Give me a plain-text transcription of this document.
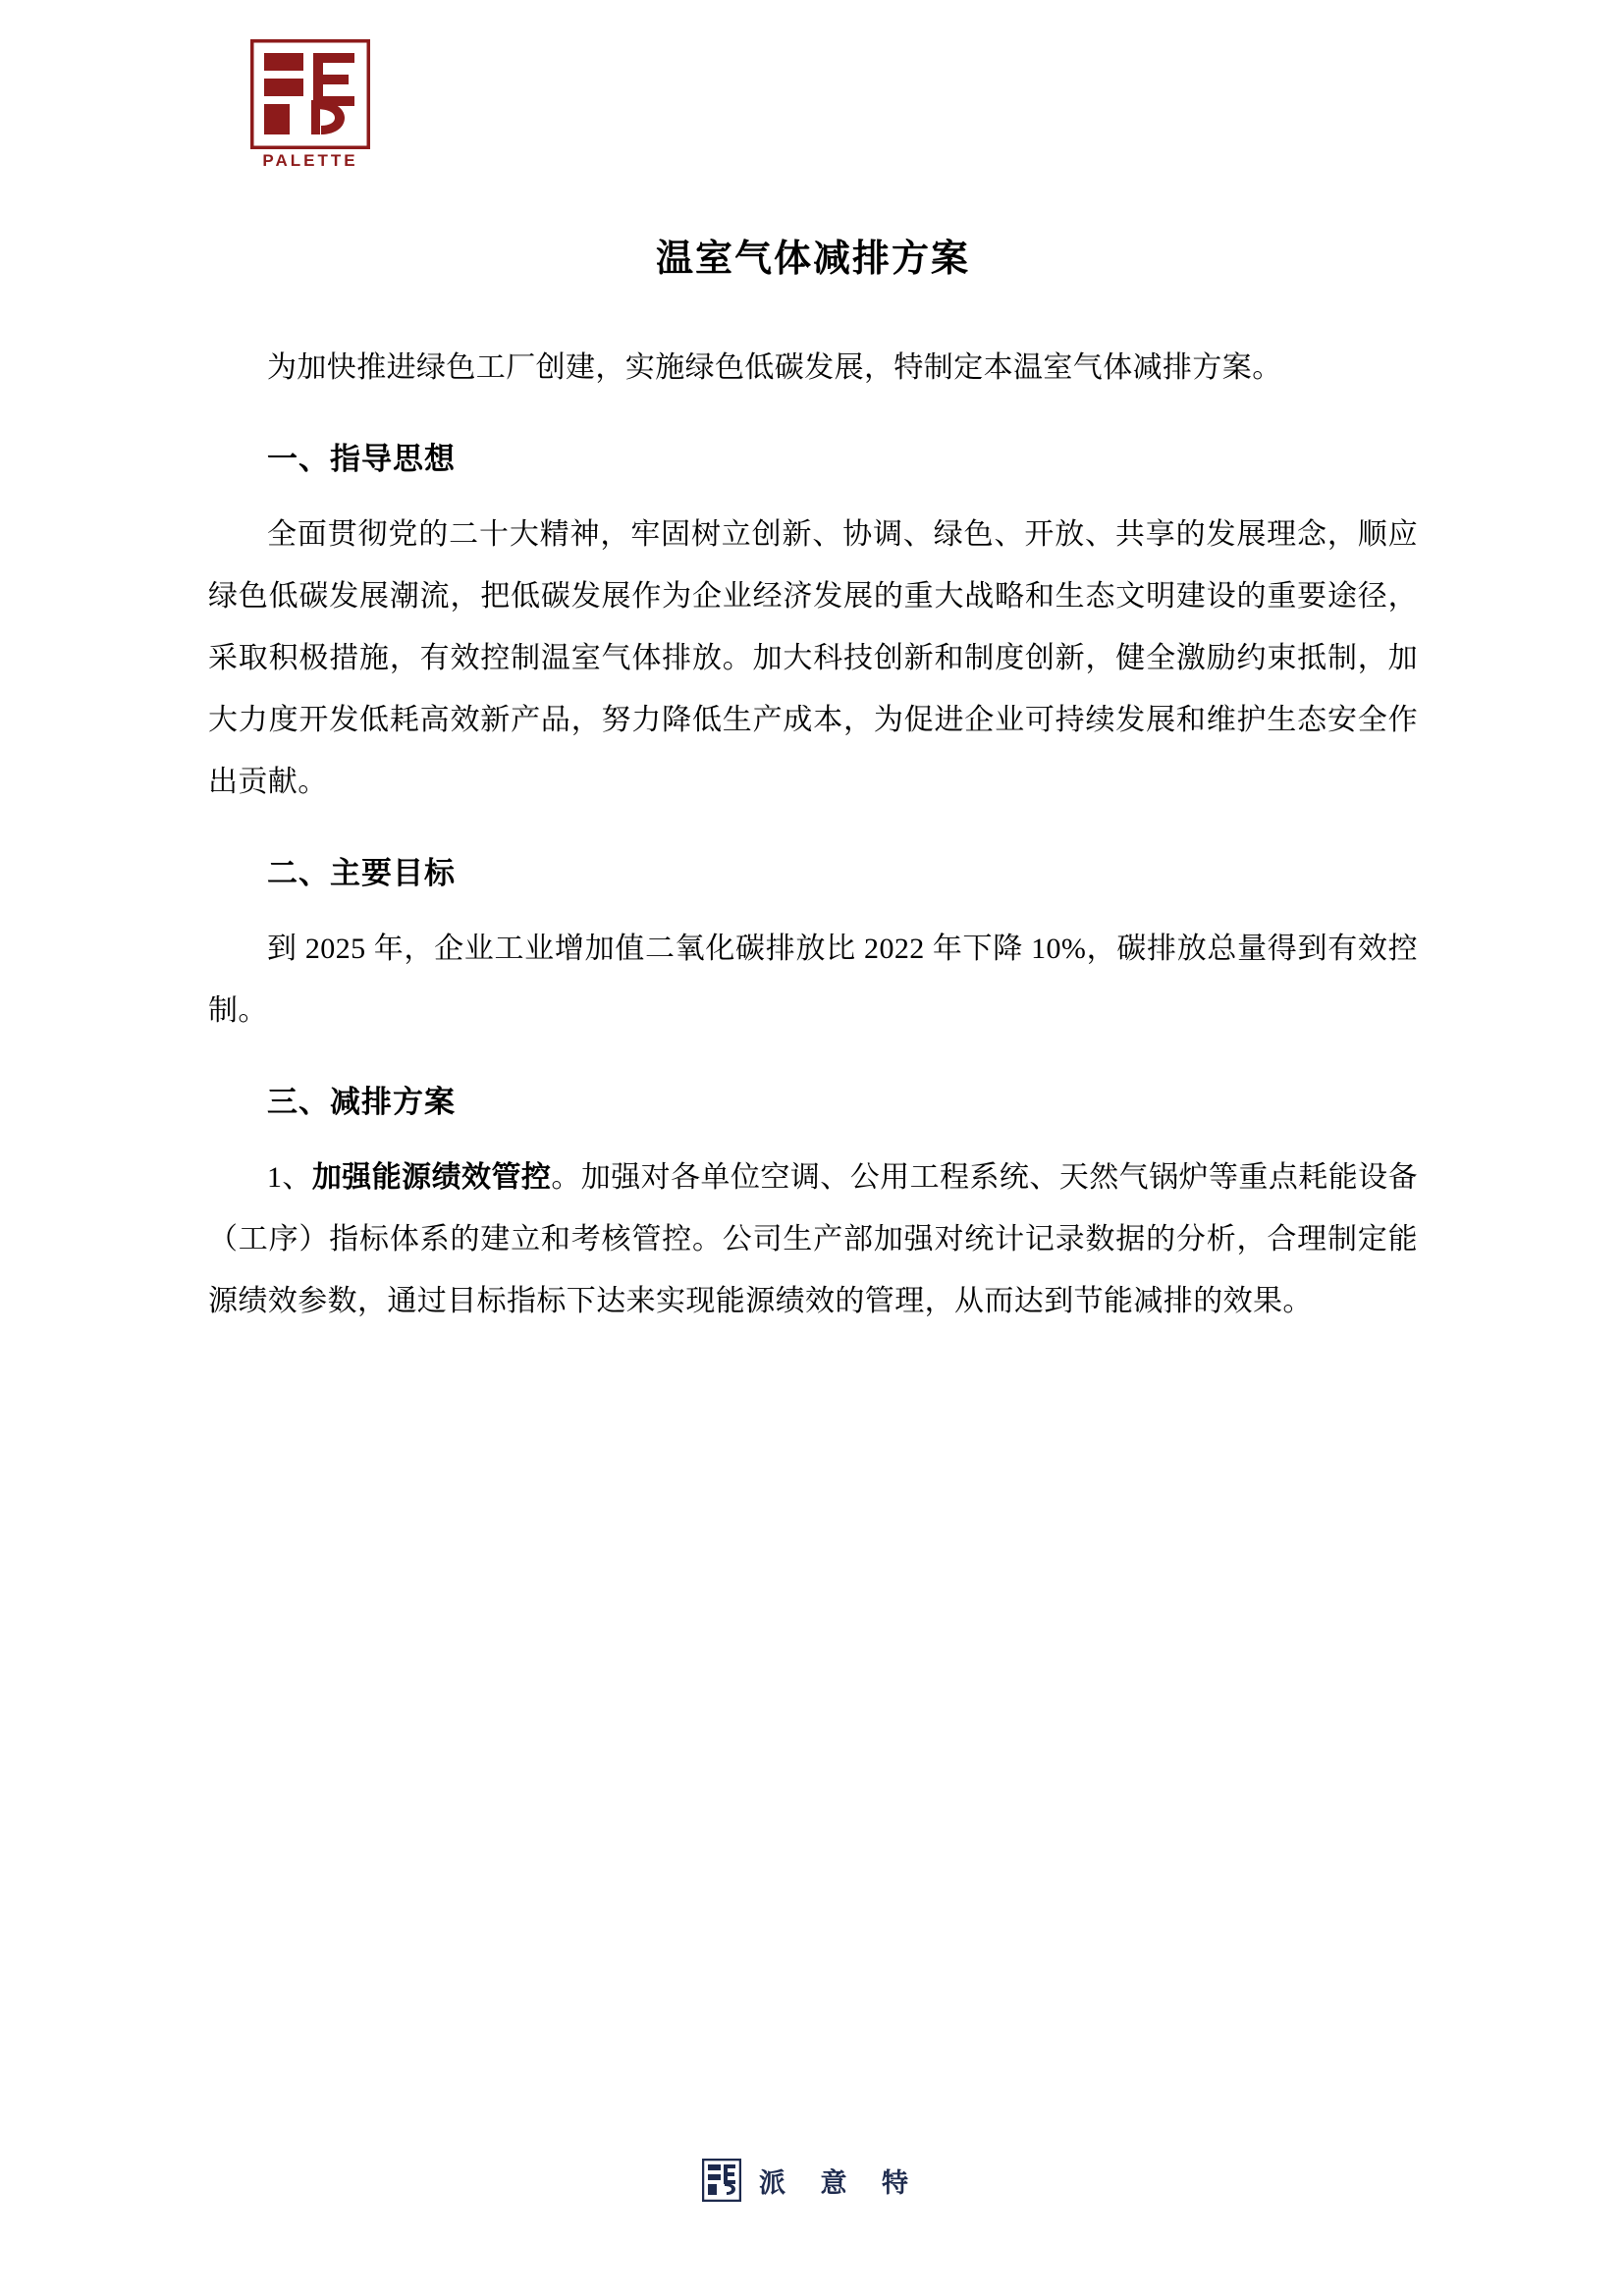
PALETTE
温室气体减排方案

为加快推进绿色工厂创建，实施绿色低碳发展，特制定本温室气体减排方案。

一、指导思想

全面贯彻党的二十大精神，牢固树立创新、协调、绿色、开放、共享的发展理念，顺应绿色低碳发展潮流，把低碳发展作为企业经济发展的重大战略和生态文明建设的重要途径，采取积极措施，有效控制温室气体排放。加大科技创新和制度创新，健全激励约束抵制，加大力度开发低耗高效新产品，努力降低生产成本，为促进企业可持续发展和维护生态安全作出贡献。

二、主要目标

到 2025 年，企业工业增加值二氧化碳排放比 2022 年下降 10%，碳排放总量得到有效控制。

三、减排方案

1、加强能源绩效管控。加强对各单位空调、公用工程系统、天然气锅炉等重点耗能设备（工序）指标体系的建立和考核管控。公司生产部加强对统计记录数据的分析，合理制定能源绩效参数，通过目标指标下达来实现能源绩效的管理，从而达到节能减排的效果。

派 意 特
